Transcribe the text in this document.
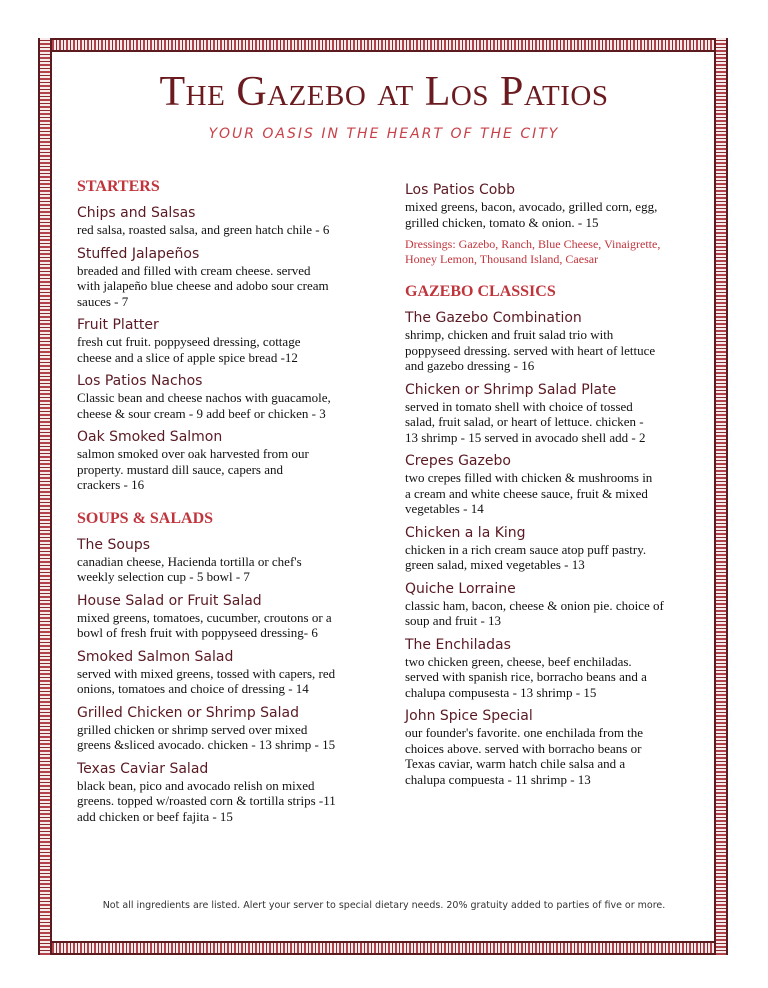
The Gazebo at Los Patios
YOUR OASIS IN THE HEART OF THE CITY
STARTERS
Chips and Salsas
red salsa, roasted salsa, and green hatch chile - 6
Stuffed Jalapeños
breaded and filled with cream cheese. served
with jalapeño blue cheese and adobo sour cream
sauces - 7
Fruit Platter
fresh cut fruit. poppyseed dressing, cottage
cheese and a slice of apple spice bread -12
Los Patios Nachos
Classic bean and cheese nachos with guacamole,
cheese & sour cream - 9 add beef or chicken - 3
Oak Smoked Salmon
salmon smoked over oak harvested from our
property. mustard dill sauce, capers and
crackers - 16
SOUPS & SALADS
The Soups
canadian cheese, Hacienda tortilla or chef's
weekly selection cup - 5 bowl - 7
House Salad or Fruit Salad
mixed greens, tomatoes, cucumber, croutons or a
bowl of fresh fruit with poppyseed dressing- 6
Smoked Salmon Salad
served with mixed greens, tossed with capers, red
onions, tomatoes and choice of dressing - 14
Grilled Chicken or Shrimp Salad
grilled chicken or shrimp served over mixed
greens &sliced avocado. chicken - 13 shrimp - 15
Texas Caviar Salad
black bean, pico and avocado relish on mixed
greens. topped w/roasted corn & tortilla strips -11
add chicken or beef fajita - 15
Los Patios Cobb
mixed greens, bacon, avocado, grilled corn, egg,
grilled chicken, tomato & onion. - 15
Dressings: Gazebo, Ranch, Blue Cheese, Vinaigrette,
Honey Lemon, Thousand Island, Caesar
GAZEBO CLASSICS
The Gazebo Combination
shrimp, chicken and fruit salad trio with
poppyseed dressing. served with heart of lettuce
and gazebo dressing - 16
Chicken or Shrimp Salad Plate
served in tomato shell with choice of tossed
salad, fruit salad, or heart of lettuce. chicken -
13 shrimp - 15 served in avocado shell add - 2
Crepes Gazebo
two crepes filled with chicken & mushrooms in
a cream and white cheese sauce, fruit & mixed
vegetables - 14
Chicken a la King
chicken in a rich cream sauce atop puff pastry.
green salad, mixed vegetables - 13
Quiche Lorraine
classic ham, bacon, cheese & onion pie. choice of
soup and fruit - 13
The Enchiladas
two chicken green, cheese, beef enchiladas.
served with spanish rice, borracho beans and a
chalupa compusesta - 13 shrimp - 15
John Spice Special
our founder's favorite. one enchilada from the
choices above. served with borracho beans or
Texas caviar, warm hatch chile salsa and a
chalupa compuesta - 11 shrimp - 13
Not all ingredients are listed. Alert your server to special dietary needs. 20% gratuity added to parties of five or more.
